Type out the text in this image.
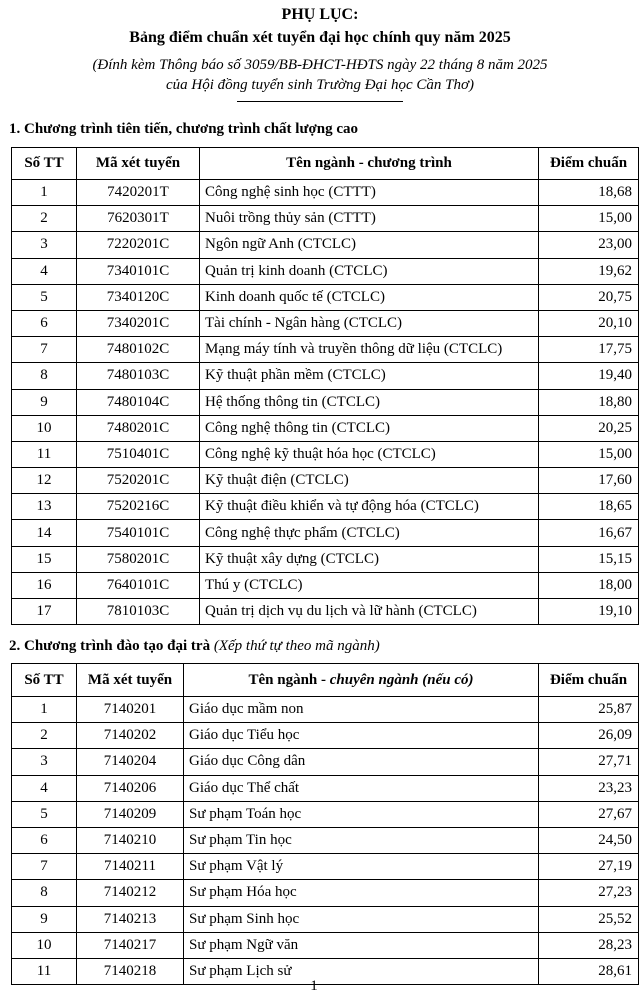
PHỤ LỤC:
Bảng điểm chuẩn xét tuyển đại học chính quy năm 2025
(Đính kèm Thông báo số 3059/BB-ĐHCT-HĐTS ngày 22 tháng 8 năm 2025
của Hội đồng tuyển sinh Trường Đại học Cần Thơ)
1. Chương trình tiên tiến, chương trình chất lượng cao
Số TT	Mã xét tuyển	Tên ngành - chương trình	Điểm chuẩn
1	7420201T	Công nghệ sinh học (CTTT)	18,68
2	7620301T	Nuôi trồng thủy sản (CTTT)	15,00
3	7220201C	Ngôn ngữ Anh (CTCLC)	23,00
4	7340101C	Quản trị kinh doanh (CTCLC)	19,62
5	7340120C	Kinh doanh quốc tế (CTCLC)	20,75
6	7340201C	Tài chính - Ngân hàng (CTCLC)	20,10
7	7480102C	Mạng máy tính và truyền thông dữ liệu (CTCLC)	17,75
8	7480103C	Kỹ thuật phần mềm (CTCLC)	19,40
9	7480104C	Hệ thống thông tin (CTCLC)	18,80
10	7480201C	Công nghệ thông tin (CTCLC)	20,25
11	7510401C	Công nghệ kỹ thuật hóa học (CTCLC)	15,00
12	7520201C	Kỹ thuật điện (CTCLC)	17,60
13	7520216C	Kỹ thuật điều khiển và tự động hóa (CTCLC)	18,65
14	7540101C	Công nghệ thực phẩm (CTCLC)	16,67
15	7580201C	Kỹ thuật xây dựng (CTCLC)	15,15
16	7640101C	Thú y (CTCLC)	18,00
17	7810103C	Quản trị dịch vụ du lịch và lữ hành (CTCLC)	19,10
2. Chương trình đào tạo đại trà (Xếp thứ tự theo mã ngành)
Số TT	Mã xét tuyển	Tên ngành - chuyên ngành (nếu có)	Điểm chuẩn
1	7140201	Giáo dục mầm non	25,87
2	7140202	Giáo dục Tiểu học	26,09
3	7140204	Giáo dục Công dân	27,71
4	7140206	Giáo dục Thể chất	23,23
5	7140209	Sư phạm Toán học	27,67
6	7140210	Sư phạm Tin học	24,50
7	7140211	Sư phạm Vật lý	27,19
8	7140212	Sư phạm Hóa học	27,23
9	7140213	Sư phạm Sinh học	25,52
10	7140217	Sư phạm Ngữ văn	28,23
11	7140218	Sư phạm Lịch sử	28,61
1
